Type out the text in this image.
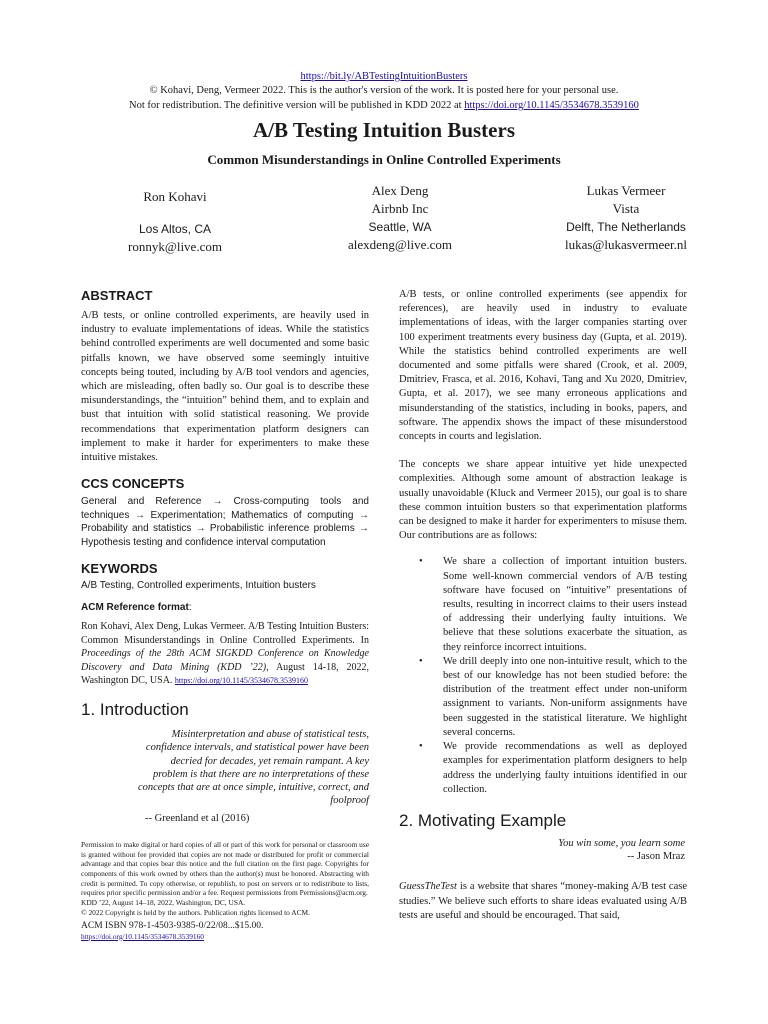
https://bit.ly/ABTestingIntuitionBusters
© Kohavi, Deng, Vermeer 2022. This is the author's version of the work. It is posted here for your personal use.
Not for redistribution. The definitive version will be published in KDD 2022 at https://doi.org/10.1145/3534678.3539160
A/B Testing Intuition Busters
Common Misunderstandings in Online Controlled Experiments
Ron Kohavi
Los Altos, CA
ronnyk@live.com
Alex Deng
Airbnb Inc
Seattle, WA
alexdeng@live.com
Lukas Vermeer
Vista
Delft, The Netherlands
lukas@lukasvermeer.nl
ABSTRACT
A/B tests, or online controlled experiments, are heavily used in industry to evaluate implementations of ideas. While the statistics behind controlled experiments are well documented and some basic pitfalls known, we have observed some seemingly intuitive concepts being touted, including by A/B tool vendors and agencies, which are misleading, often badly so. Our goal is to describe these misunderstandings, the “intuition” behind them, and to explain and bust that intuition with solid statistical reasoning. We provide recommendations that experimentation platform designers can implement to make it harder for experimenters to make these intuitive mistakes.
CCS CONCEPTS
General and Reference → Cross-computing tools and techniques → Experimentation; Mathematics of computing → Probability and statistics → Probabilistic inference problems → Hypothesis testing and confidence interval computation
KEYWORDS
A/B Testing, Controlled experiments, Intuition busters
ACM Reference format:
Ron Kohavi, Alex Deng, Lukas Vermeer. A/B Testing Intuition Busters: Common Misunderstandings in Online Controlled Experiments. In Proceedings of the 28th ACM SIGKDD Conference on Knowledge Discovery and Data Mining (KDD ’22), August 14-18, 2022, Washington DC, USA. https://doi.org/10.1145/3534678.3539160
1. Introduction
Misinterpretation and abuse of statistical tests, confidence intervals, and statistical power have been decried for decades, yet remain rampant. A key problem is that there are no interpretations of these concepts that are at once simple, intuitive, correct, and foolproof
-- Greenland et al (2016)
Permission to make digital or hard copies of all or part of this work for personal or classroom use is granted without fee provided that copies are not made or distributed for profit or commercial advantage and that copies bear this notice and the full citation on the first page. Copyrights for components of this work owned by others than the author(s) must be honored. Abstracting with credit is permitted. To copy otherwise, or republish, to post on servers or to redistribute to lists, requires prior specific permission and/or a fee. Request permissions from Permissions@acm.org.
KDD ’22, August 14–18, 2022, Washington, DC, USA.
© 2022 Copyright is held by the authors. Publication rights licensed to ACM.
ACM ISBN 978-1-4503-9385-0/22/08...$15.00.
https://doi.org/10.1145/3534678.3539160
A/B tests, or online controlled experiments (see appendix for references), are heavily used in industry to evaluate implementations of ideas, with the larger companies starting over 100 experiment treatments every business day (Gupta, et al. 2019). While the statistics behind controlled experiments are well documented and some pitfalls were shared (Crook, et al. 2009, Dmitriev, Frasca, et al. 2016, Kohavi, Tang and Xu 2020, Dmitriev, Gupta, et al. 2017), we see many erroneous applications and misunderstanding of the statistics, including in books, papers, and software. The appendix shows the impact of these misunderstood concepts in courts and legislation.
The concepts we share appear intuitive yet hide unexpected complexities. Although some amount of abstraction leakage is usually unavoidable (Kluck and Vermeer 2015), our goal is to share these common intuition busters so that experimentation platforms can be designed to make it harder for experimenters to misuse them. Our contributions are as follows:
• We share a collection of important intuition busters. Some well-known commercial vendors of A/B testing software have focused on “intuitive” presentations of results, resulting in incorrect claims to their users instead of addressing their underlying faulty intuitions. We believe that these solutions exacerbate the situation, as they reinforce incorrect intuitions.
• We drill deeply into one non-intuitive result, which to the best of our knowledge has not been studied before: the distribution of the treatment effect under non-uniform assignment to variants. Non-uniform assignments have been suggested in the statistical literature. We highlight several concerns.
• We provide recommendations as well as deployed examples for experimentation platform designers to help address the underlying faulty intuitions identified in our collection.
2. Motivating Example
You win some, you learn some
-- Jason Mraz
GuessTheTest is a website that shares “money-making A/B test case studies.” We believe such efforts to share ideas evaluated using A/B tests are useful and should be encouraged. That said,
